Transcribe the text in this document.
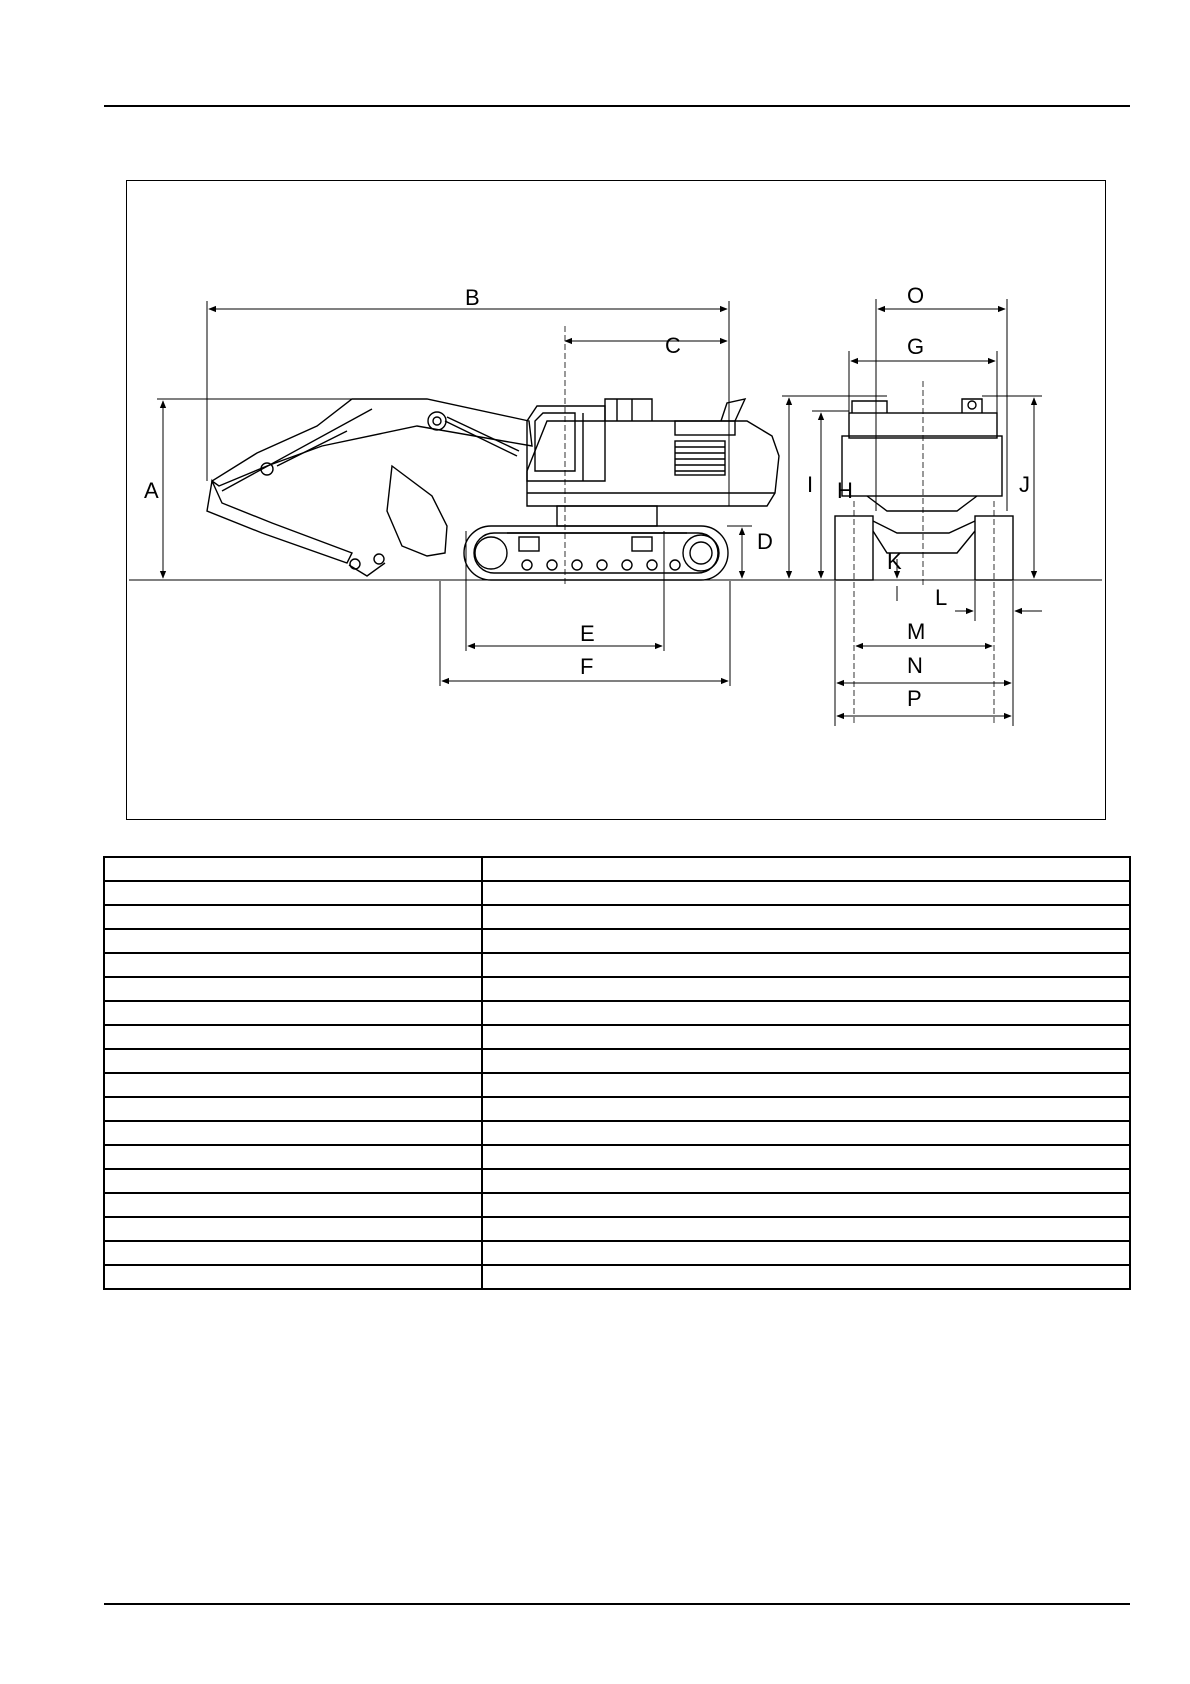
A
B
C
D
E
F
G
H
I	J
K
L
M
N
P
O
